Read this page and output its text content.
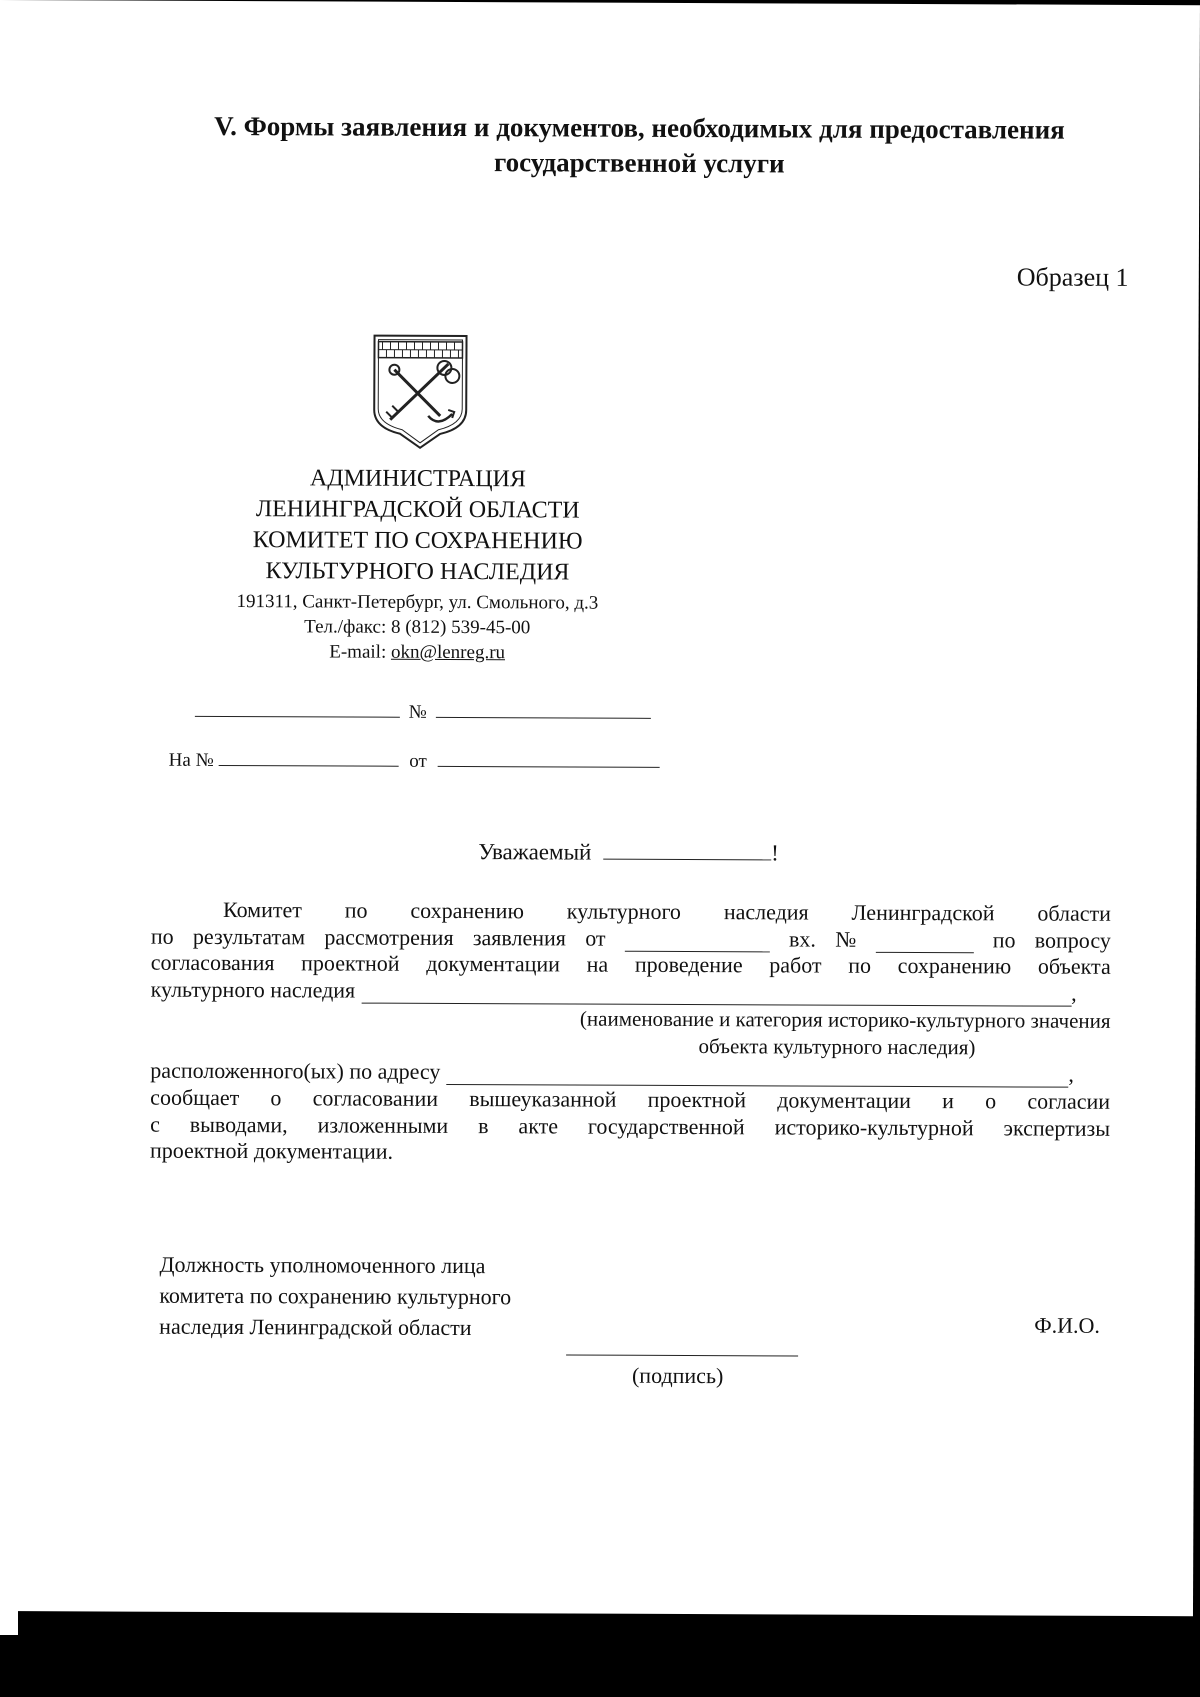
V. Формы заявления и документов, необходимых для предоставления
государственной услуги
Образец 1
АДМИНИСТРАЦИЯ
ЛЕНИНГРАДСКОЙ ОБЛАСТИ
КОМИТЕТ ПО СОХРАНЕНИЮ
КУЛЬТУРНОГО НАСЛЕДИЯ
191311, Санкт-Петербург, ул. Смольного, д.3
Тел./факс: 8 (812) 539-45-00
E-mail: okn@lenreg.ru
№
На №	от
Уважаемый	!
Комитет по сохранению культурного наследия Ленинградской области
по результатам рассмотрения заявления от	вх. №	по вопросу
согласования проектной документации на проведение работ по сохранению объекта
культурного наследия	,
(наименование и категория историко-культурного значения
объекта культурного наследия)
расположенного(ых) по адресу	,
сообщает о согласовании вышеуказанной проектной документации и о согласии
с выводами, изложенными в акте государственной историко-культурной экспертизы
проектной документации.
Должность уполномоченного лица
комитета по сохранению культурного
наследия Ленинградской области	Ф.И.О.
(подпись)
